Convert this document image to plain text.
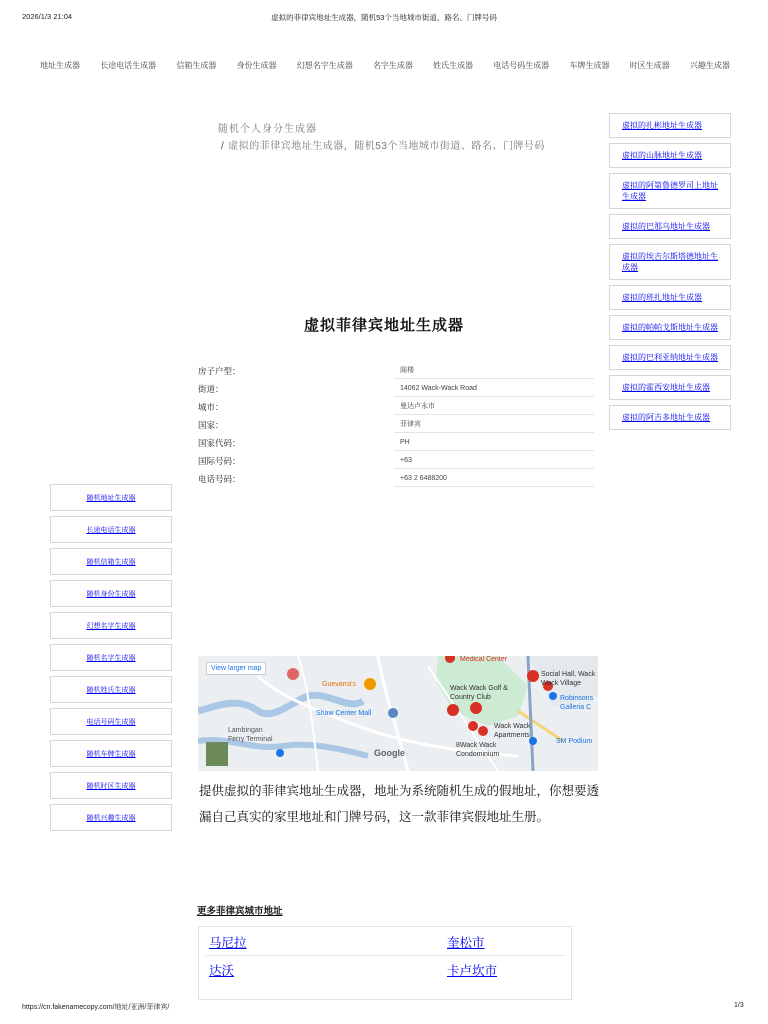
2026/1/3 21:04	虚拟的菲律宾地址生成器，随机53个当地城市街道、路名、门牌号码
地址生成器	长途电话生成器	信箱生成器	身份生成器	幻想名字生成器	名字生成器	姓氏生成器	电话号码生成器	车牌生成器	时区生成器	兴趣生成器
随机个人身分生成器
/ 虚拟的菲律宾地址生成器，随机53个当地城市街道、路名、门牌号码
虚拟的扎彬地址生成器
虚拟的山脉地址生成器
虚拟的阿第鲁德罗司上地址生成器
虚拟的巴那乌地址生成器
虚拟的埃吉尔斯塔德地址生成器
虚拟的班扎地址生成器
虚拟的帕帕戈斯地址生成器
虚拟的巴利亚纳地址生成器
虚拟的霍西安地址生成器
虚拟的阿吉多地址生成器
虚拟菲律宾地址生成器
房子户型：	阁楼
街道：	14062 Wack-Wack Road
城市：	曼达卢永市
国家：	菲律宾
国家代码：	PH
国际号码：	+63
电话号码：	+63 2 6488200
随机地址生成器
长途电话生成器
随机信箱生成器
随机身份生成器
幻想名字生成器
随机名字生成器
随机姓氏生成器
电话号码生成器
随机车牌生成器
随机时区生成器
随机兴趣生成器
View larger map
Medical Center
Social Hall, Wack Wack Village
Wack Wack Golf & Country Club	Robinsons Galleria C
Guevarra's
Shaw Center Mall
Lambingan Ferry Terminal
Wack Wack Apartments
8Wack Wack Condominium
SM Podium
Google
提供虚拟的菲律宾地址生成器，地址为系统随机生成的假地址，你想要透漏自己真实的家里地址和门牌号码，这一款菲律宾假地址生册。
更多菲律宾城市地址
马尼拉	奎松市
达沃	卡卢坎市
https://cn.fakenamecopy.com/地址/亚洲/菲律宾/	1/3
